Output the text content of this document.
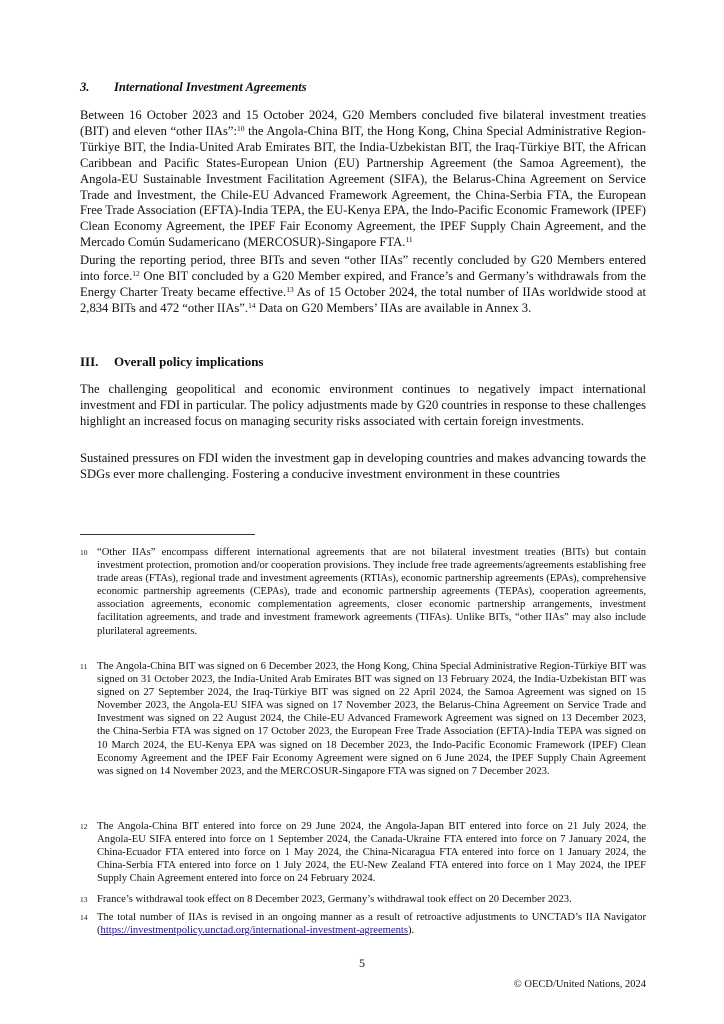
3. International Investment Agreements

Between 16 October 2023 and 15 October 2024, G20 Members concluded five bilateral investment treaties (BIT) and eleven “other IIAs”:$^{10}$ the Angola-China BIT, the Hong Kong, China Special Administrative Region-Türkiye BIT, the India-United Arab Emirates BIT, the India-Uzbekistan BIT, the Iraq-Türkiye BIT, the African Caribbean and Pacific States-European Union (EU) Partnership Agreement (the Samoa Agreement), the Angola-EU Sustainable Investment Facilitation Agreement (SIFA), the Belarus-China Agreement on Service Trade and Investment, the Chile-EU Advanced Framework Agreement, the China-Serbia FTA, the European Free Trade Association (EFTA)-India TEPA, the EU-Kenya EPA, the Indo-Pacific Economic Framework (IPEF) Clean Economy Agreement, the IPEF Fair Economy Agreement, the IPEF Supply Chain Agreement, and the Mercado Común Sudamericano (MERCOSUR)-Singapore FTA.$^{11}$

During the reporting period, three BITs and seven “other IIAs” recently concluded by G20 Members entered into force.$^{12}$ One BIT concluded by a G20 Member expired, and France’s and Germany’s withdrawals from the Energy Charter Treaty became effective.$^{13}$ As of 15 October 2024, the total number of IIAs worldwide stood at 2,834 BITs and 472 “other IIAs”.$^{14}$ Data on G20 Members’ IIAs are available in Annex 3.

III. Overall policy implications

The challenging geopolitical and economic environment continues to negatively impact international investment and FDI in particular. The policy adjustments made by G20 countries in response to these challenges highlight an increased focus on managing security risks associated with certain foreign investments.

Sustained pressures on FDI widen the investment gap in developing countries and makes advancing towards the SDGs ever more challenging. Fostering a conducive investment environment in these countries

10 “Other IIAs” encompass different international agreements that are not bilateral investment treaties (BITs) but contain investment protection, promotion and/or cooperation provisions. They include free trade agreements/agreements establishing free trade areas (FTAs), regional trade and investment agreements (RTIAs), economic partnership agreements (EPAs), comprehensive economic partnership agreements (CEPAs), trade and economic partnership agreements (TEPAs), cooperation agreements, association agreements, economic complementation agreements, closer economic partnership arrangements, investment facilitation agreements, and trade and investment framework agreements (TIFAs). Unlike BITs, “other IIAs” may also include plurilateral agreements.
11 The Angola-China BIT was signed on 6 December 2023, the Hong Kong, China Special Administrative Region-Türkiye BIT was signed on 31 October 2023, the India-United Arab Emirates BIT was signed on 13 February 2024, the India-Uzbekistan BIT was signed on 27 September 2024, the Iraq-Türkiye BIT was signed on 22 April 2024, the Samoa Agreement was signed on 15 November 2023, the Angola-EU SIFA was signed on 17 November 2023, the Belarus-China Agreement on Service Trade and Investment was signed on 22 August 2024, the Chile-EU Advanced Framework Agreement was signed on 13 December 2023, the China-Serbia FTA was signed on 17 October 2023, the European Free Trade Association (EFTA)-India TEPA was signed on 10 March 2024, the EU-Kenya EPA was signed on 18 December 2023, the Indo-Pacific Economic Framework (IPEF) Clean Economy Agreement and the IPEF Fair Economy Agreement were signed on 6 June 2024, the IPEF Supply Chain Agreement was signed on 14 November 2023, and the MERCOSUR-Singapore FTA was signed on 7 December 2023.
12 The Angola-China BIT entered into force on 29 June 2024, the Angola-Japan BIT entered into force on 21 July 2024, the Angola-EU SIFA entered into force on 1 September 2024, the Canada-Ukraine FTA entered into force on 7 January 2024, the China-Ecuador FTA entered into force on 1 May 2024, the China-Nicaragua FTA entered into force on 1 January 2024, the China-Serbia FTA entered into force on 1 July 2024, the EU-New Zealand FTA entered into force on 1 May 2024, the IPEF Supply Chain Agreement entered into force on 24 February 2024.
13 France’s withdrawal took effect on 8 December 2023, Germany’s withdrawal took effect on 20 December 2023.
14 The total number of IIAs is revised in an ongoing manner as a result of retroactive adjustments to UNCTAD’s IIA Navigator (https://investmentpolicy.unctad.org/international-investment-agreements).
5
© OECD/United Nations, 2024
